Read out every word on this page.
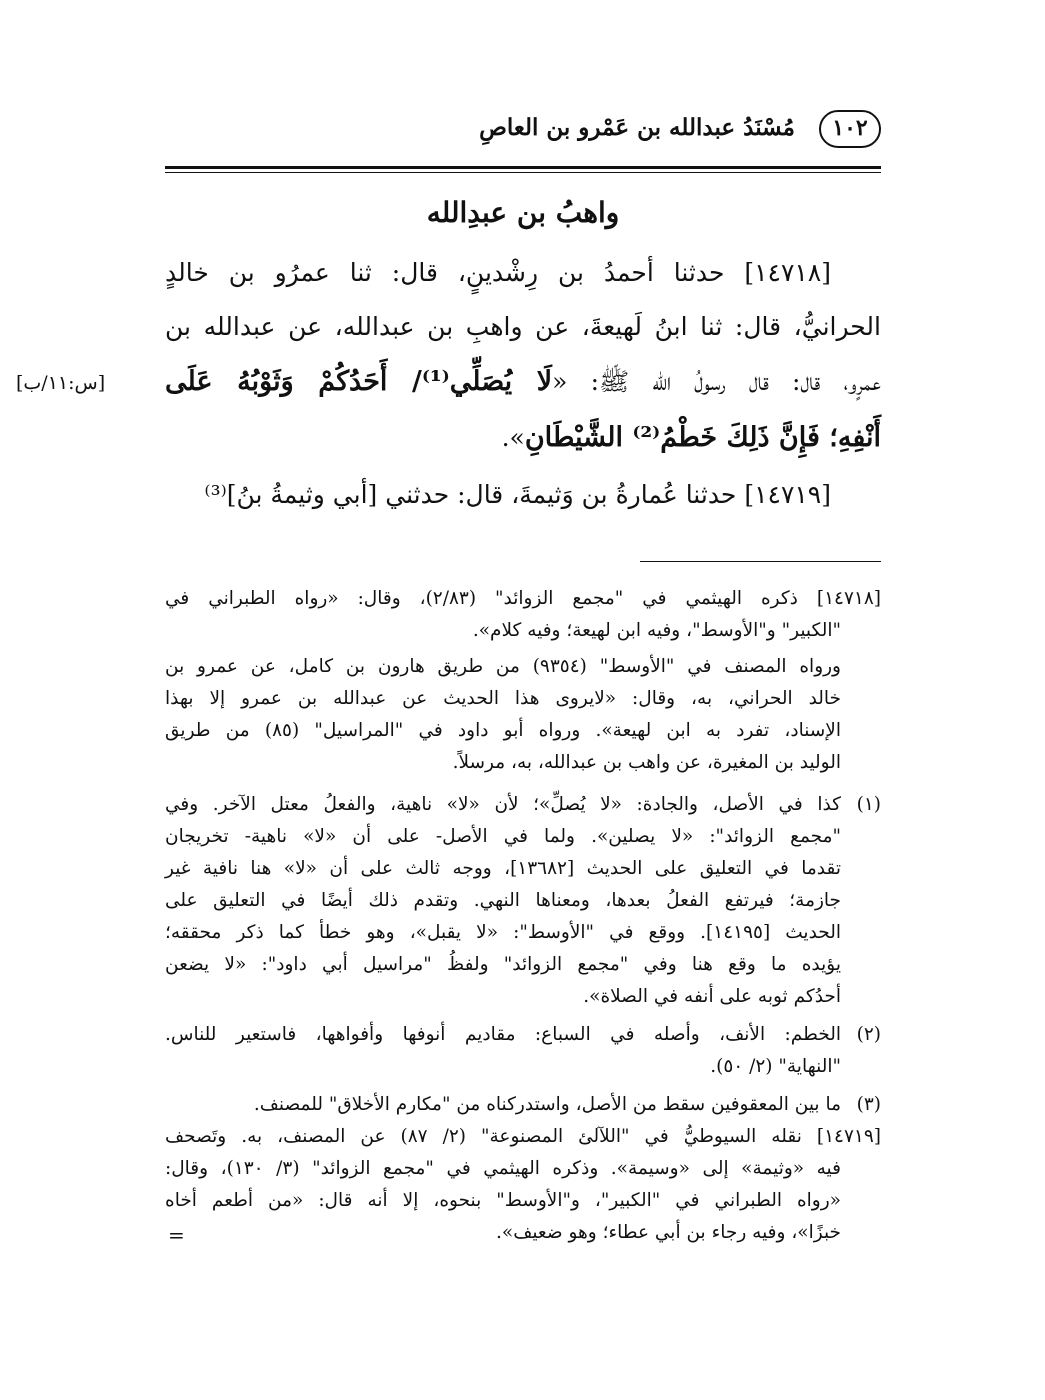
١٠٢
مُسْنَدُ عبدالله بن عَمْرو بن العاصِ
واهبُ بن عبدِالله
[١٤٧١٨] حدثنا أحمدُ بن رِشْدينٍ، قال: ثنا عمرُو بن خالدٍ
الحرانيُّ، قال: ثنا ابنُ لَهيعةَ، عن واهبِ بن عبدالله، عن عبدالله بن
عمرٍو، قال: قال رسولُ الله ﷺ: «لَا يُصَلِّي⁽¹⁾/ أَحَدُكُمْ وَثَوْبُهُ عَلَى
أَنْفِهِ؛ فَإِنَّ ذَلِكَ خَطْمُ⁽²⁾ الشَّيْطَانِ».
[١٤٧١٩] حدثنا عُمارةُ بن وَثيمةَ، قال: حدثني [أبي وثيمةُ بنُ]⁽³⁾
[س:١١/ب]
[١٤٧١٨] ذكره الهيثمي في "مجمع الزوائد" (٢/٨٣)، وقال: «رواه الطبراني في
"الكبير" و"الأوسط"، وفيه ابن لهيعة؛ وفيه كلام».
ورواه المصنف في "الأوسط" (٩٣٥٤) من طريق هارون بن كامل، عن عمرو بن
خالد الحراني، به، وقال: «لايروى هذا الحديث عن عبدالله بن عمرو إلا بهذا
الإسناد، تفرد به ابن لهيعة». ورواه أبو داود في "المراسيل" (٨٥) من طريق
الوليد بن المغيرة، عن واهب بن عبدالله، به، مرسلاً.
(١)
كذا في الأصل، والجادة: «لا يُصلِّ»؛ لأن «لا» ناهية، والفعلُ معتل الآخر. وفي
"مجمع الزوائد": «لا يصلين». ولما في الأصل- على أن «لا» ناهية- تخريجان
تقدما في التعليق على الحديث [١٣٦٨٢]، ووجه ثالث على أن «لا» هنا نافية غير
جازمة؛ فيرتفع الفعلُ بعدها، ومعناها النهي. وتقدم ذلك أيضًا في التعليق على
الحديث [١٤١٩٥]. ووقع في "الأوسط": «لا يقبل»، وهو خطأ كما ذكر محققه؛
يؤيده ما وقع هنا وفي "مجمع الزوائد" ولفظُ "مراسيل أبي داود": «لا يضعن
أحدُكم ثوبه على أنفه في الصلاة».
(٢)
الخطم: الأنف، وأصله في السباع: مقاديم أنوفها وأفواهها، فاستعير للناس.
"النهاية" (٢/ ٥٠).
(٣)
ما بين المعقوفين سقط من الأصل، واستدركناه من "مكارم الأخلاق" للمصنف.
[١٤٧١٩] نقله السيوطيُّ في "اللآلئ المصنوعة" (٢/ ٨٧) عن المصنف، به. وتَصحف
فيه «وثيمة» إلى «وسيمة». وذكره الهيثمي في "مجمع الزوائد" (٣/ ١٣٠)، وقال:
«رواه الطبراني في "الكبير"، و"الأوسط" بنحوه، إلا أنه قال: «من أطعم أخاه
خبزًا»، وفيه رجاء بن أبي عطاء؛ وهو ضعيف».
=
